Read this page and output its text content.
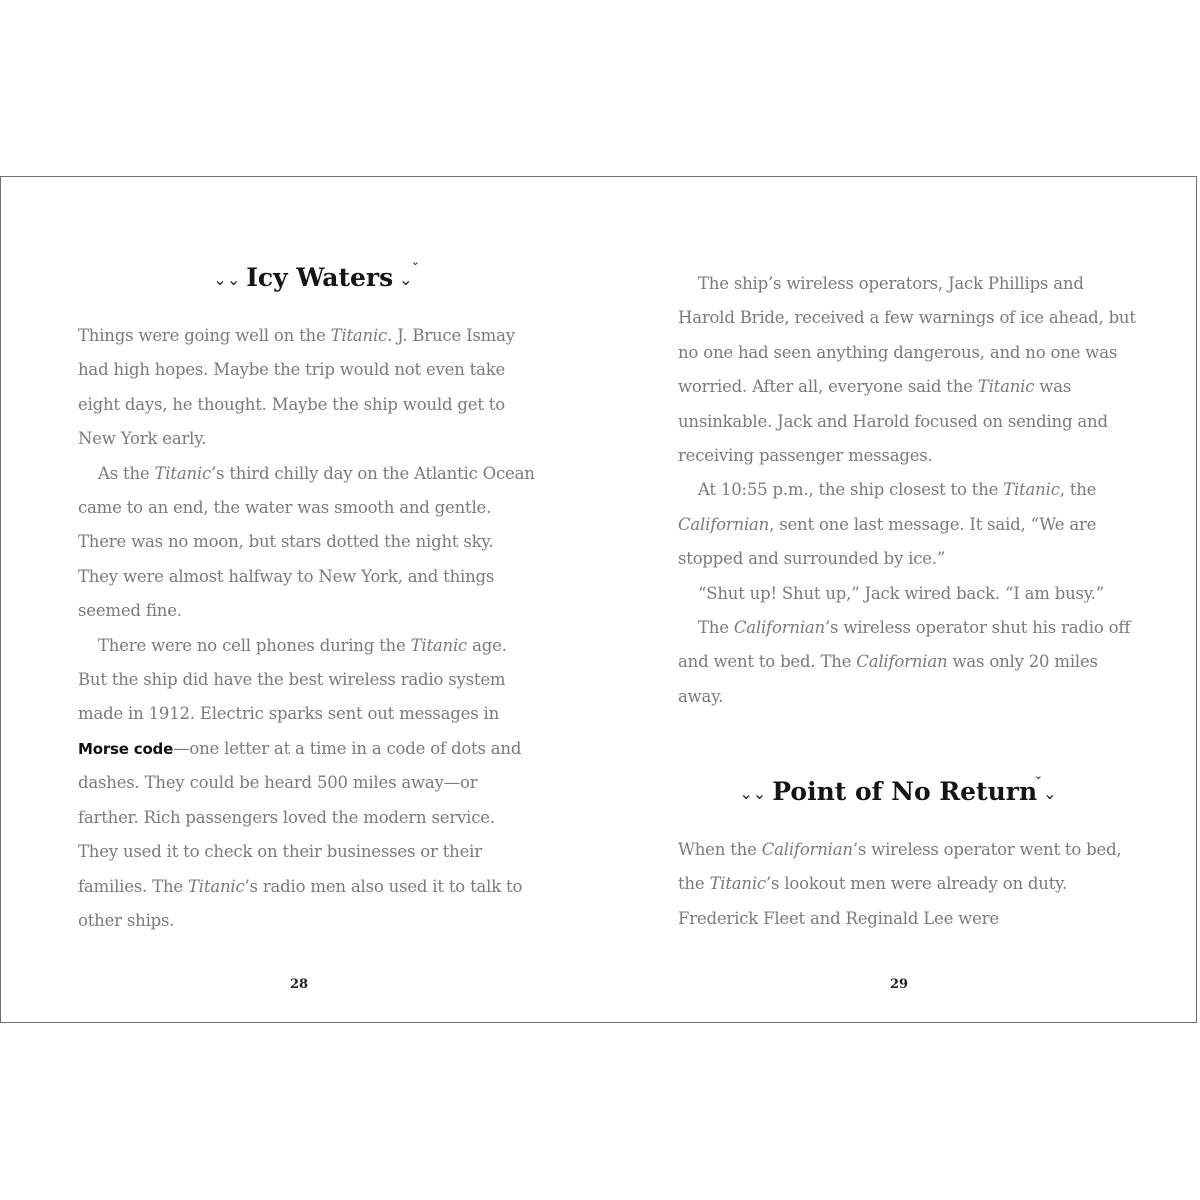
⌄⌄ Icy Waters ⌄
⌄

Things were going well on the Titanic. J. Bruce Ismay had high hopes. Maybe the trip would not even take eight days, he thought. Maybe the ship would get to New York early.

As the Titanic’s third chilly day on the Atlantic Ocean came to an end, the water was smooth and gentle. There was no moon, but stars dotted the night sky. They were almost halfway to New York, and things seemed fine.

There were no cell phones during the Titanic age. But the ship did have the best wireless radio system made in 1912. Electric sparks sent out messages in Morse code—one letter at a time in a code of dots and dashes. They could be heard 500 miles away—or farther. Rich passengers loved the modern service. They used it to check on their businesses or their families. The Titanic’s radio men also used it to talk to other ships.

28

The ship’s wireless operators, Jack Phillips and Harold Bride, received a few warnings of ice ahead, but no one had seen anything dangerous, and no one was worried. After all, everyone said the Titanic was unsinkable. Jack and Harold focused on sending and receiving passenger messages.

At 10:55 p.m., the ship closest to the Titanic, the Californian, sent one last message. It said, “We are stopped and surrounded by ice.”

“Shut up! Shut up,” Jack wired back. “I am busy.”

The Californian’s wireless operator shut his radio off and went to bed. The Californian was only 20 miles away.

⌄⌄ Point of No Return ⌄
⌄

When the Californian’s wireless operator went to bed, the Titanic’s lookout men were already on duty. Frederick Fleet and Reginald Lee were

29
